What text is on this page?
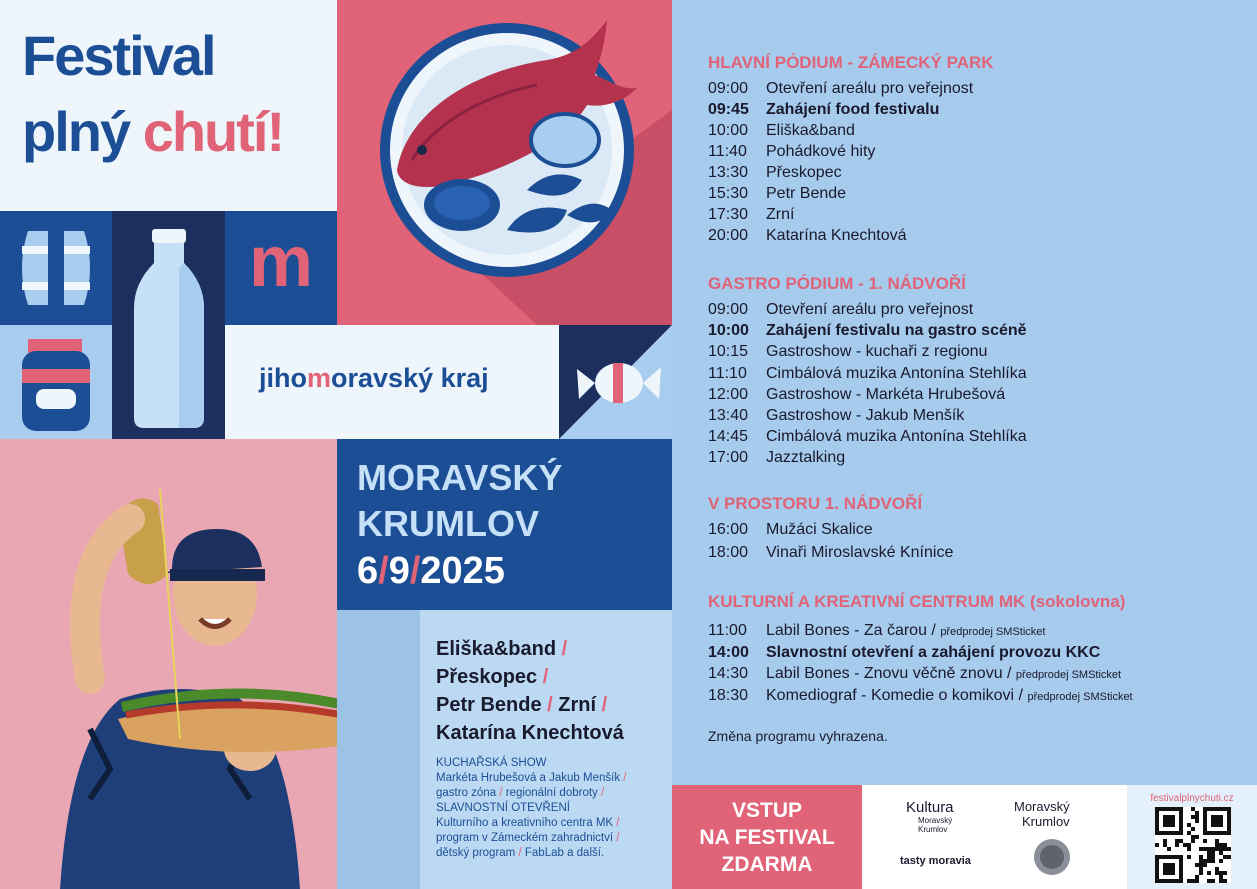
Festival
plný chutí!
m
jihomoravský kraj
MORAVSKÝ
KRUMLOV
6/9/2025
Eliška&band /
Přeskopec /
Petr Bende / Zrní /
Katarína Knechtová
KUCHAŘSKÁ SHOW
Markéta Hrubešová a Jakub Menšík /
gastro zóna / regionální dobroty /
SLAVNOSTNÍ OTEVŘENÍ
Kulturního a kreativního centra MK /
program v Zámeckém zahradnictví /
dětský program / FabLab a další.
HLAVNÍ PÓDIUM - ZÁMECKÝ PARK
09:00 Otevření areálu pro veřejnost
09:45 Zahájení food festivalu
10:00 Eliška&band
11:40 Pohádkové hity
13:30 Přeskopec
15:30 Petr Bende
17:30 Zrní
20:00 Katarína Knechtová
GASTRO PÓDIUM - 1. NÁDVOŘÍ
09:00 Otevření areálu pro veřejnost
10:00 Zahájení festivalu na gastro scéně
10:15 Gastroshow - kuchaři z regionu
11:10 Cimbálová muzika Antonína Stehlíka
12:00 Gastroshow - Markéta Hrubešová
13:40 Gastroshow - Jakub Menšík
14:45 Cimbálová muzika Antonína Stehlíka
17:00 Jazztalking
V PROSTORU 1. NÁDVOŘÍ
16:00 Mužáci Skalice
18:00 Vinaři Miroslavské Knínice
KULTURNÍ A KREATIVNÍ CENTRUM MK (sokolovna)
11:00 Labil Bones - Za čarou / předprodej SMSticket
14:00 Slavnostní otevření a zahájení provozu KKC
14:30 Labil Bones - Znovu věčně znovu / předprodej SMSticket
18:30 Komediograf - Komedie o komikovi / předprodej SMSticket
Změna programu vyhrazena.
VSTUP
NA FESTIVAL
ZDARMA
Kultura
Moravský
Krumlov
Moravský
Krumlov
tasty moravia
festivalplnychuti.cz
